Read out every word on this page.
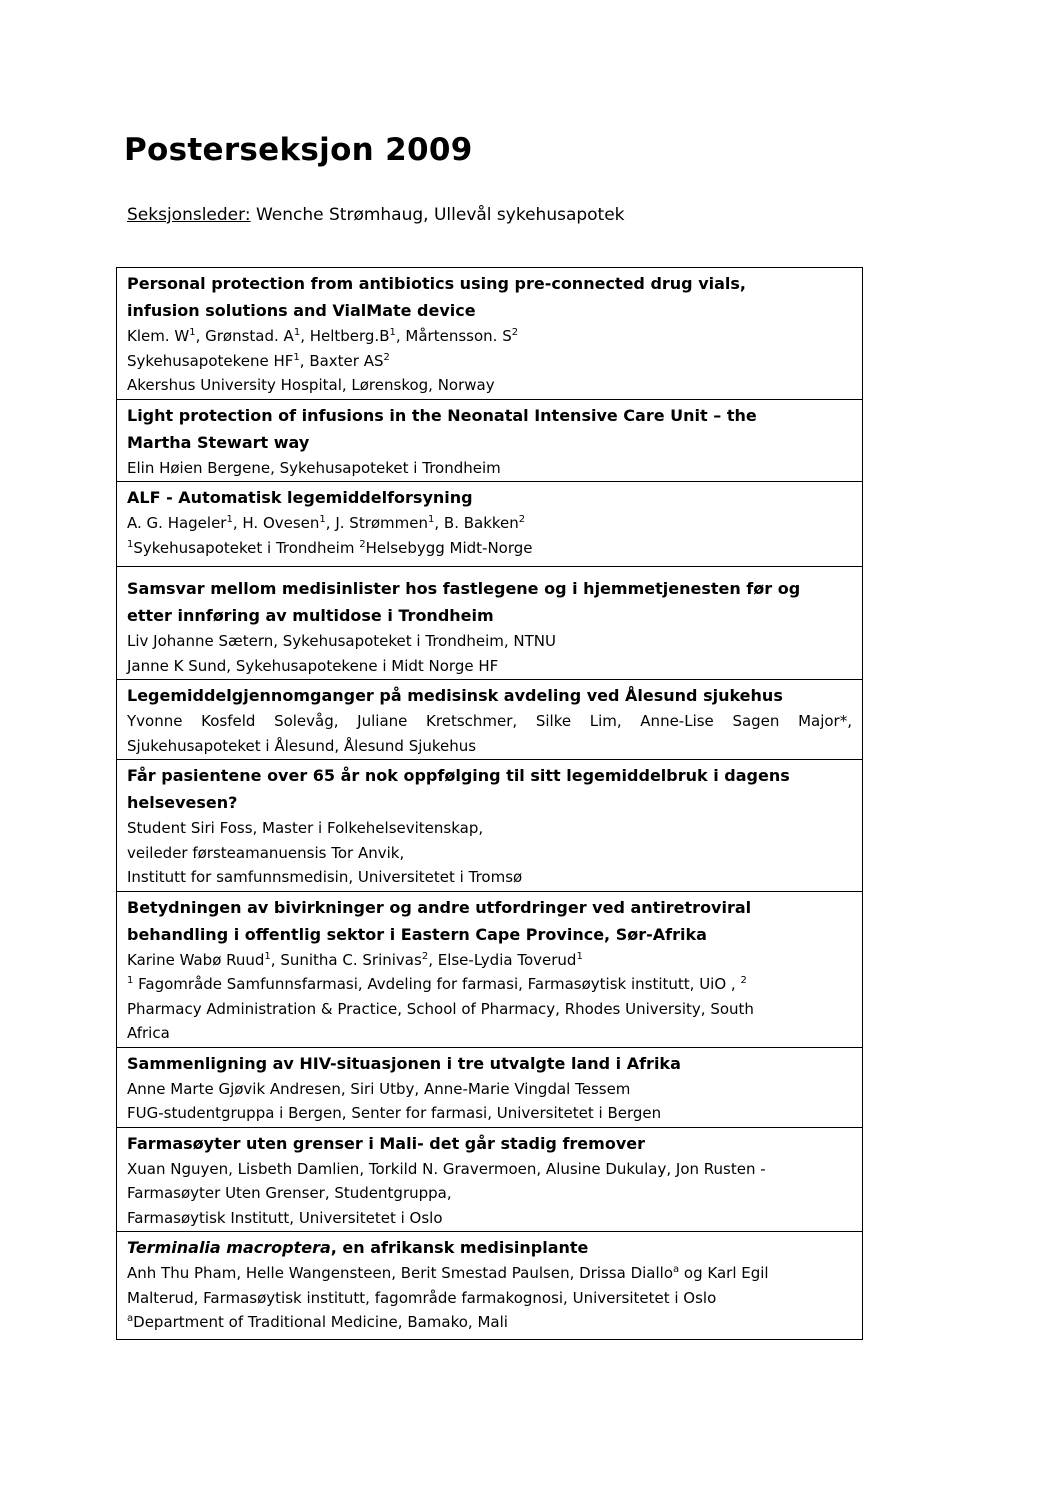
Posterseksjon 2009
Seksjonsleder: Wenche Strømhaug, Ullevål sykehusapotek
Personal protection from antibiotics using pre-connected drug vials,
infusion solutions and VialMate device
Klem. $W^1$, Grønstad. $A^1$, $Heltberg.B^1$, Mårtensson. $S^2$
Sykehusapotekene $HF^1$, Baxter $AS^2$
Akershus University Hospital, Lørenskog, Norway

Light protection of infusions in the Neonatal Intensive Care Unit – the
Martha Stewart way
Elin Høien Bergene, Sykehusapoteket i Trondheim

ALF - Automatisk legemiddelforsyning
A. G. Hageler$^1$, H. Ovesen$^1$, J. Strømmen$^1$, B. Bakken$^2$
$^1$Sykehusapoteket i Trondheim $^2$Helsebygg Midt-Norge

Samsvar mellom medisinlister hos fastlegene og i hjemmetjenesten før og
etter innføring av multidose i Trondheim
Liv Johanne Sætern, Sykehusapoteket i Trondheim, NTNU
Janne K Sund, Sykehusapotekene i Midt Norge HF

Legemiddelgjennomganger på medisinsk avdeling ved Ålesund sjukehus
Yvonne Kosfeld Solevåg, Juliane Kretschmer, Silke Lim, Anne-Lise Sagen Major*,
Sjukehusapoteket i Ålesund, Ålesund Sjukehus

Får pasientene over 65 år nok oppfølging til sitt legemiddelbruk i dagens
helsevesen?
Student Siri Foss, Master i Folkehelsevitenskap,
veileder førsteamanuensis Tor Anvik,
Institutt for samfunnsmedisin, Universitetet i Tromsø

Betydningen av bivirkninger og andre utfordringer ved antiretroviral
behandling i offentlig sektor i Eastern Cape Province, Sør-Afrika
Karine Wabø Ruud$^1$, Sunitha C. Srinivas$^2$, Else-Lydia Toverud$^1$
$^1$ Fagområde Samfunnsfarmasi, Avdeling for farmasi, Farmasøytisk institutt, UiO , $^2$
Pharmacy Administration & Practice, School of Pharmacy, Rhodes University, South
Africa

Sammenligning av HIV-situasjonen i tre utvalgte land i Afrika
Anne Marte Gjøvik Andresen, Siri Utby, Anne-Marie Vingdal Tessem
FUG-studentgruppa i Bergen, Senter for farmasi, Universitetet i Bergen

Farmasøyter uten grenser i Mali- det går stadig fremover
Xuan Nguyen, Lisbeth Damlien, Torkild N. Gravermoen, Alusine Dukulay, Jon Rusten -
Farmasøyter Uten Grenser, Studentgruppa,
Farmasøytisk Institutt, Universitetet i Oslo

Terminalia macroptera, en afrikansk medisinplante
Anh Thu Pham, Helle Wangensteen, Berit Smestad Paulsen, Drissa Diallo$^a$ og Karl Egil
Malterud, Farmasøytisk institutt, fagområde farmakognosi, Universitetet i Oslo
$^a$Department of Traditional Medicine, Bamako, Mali
